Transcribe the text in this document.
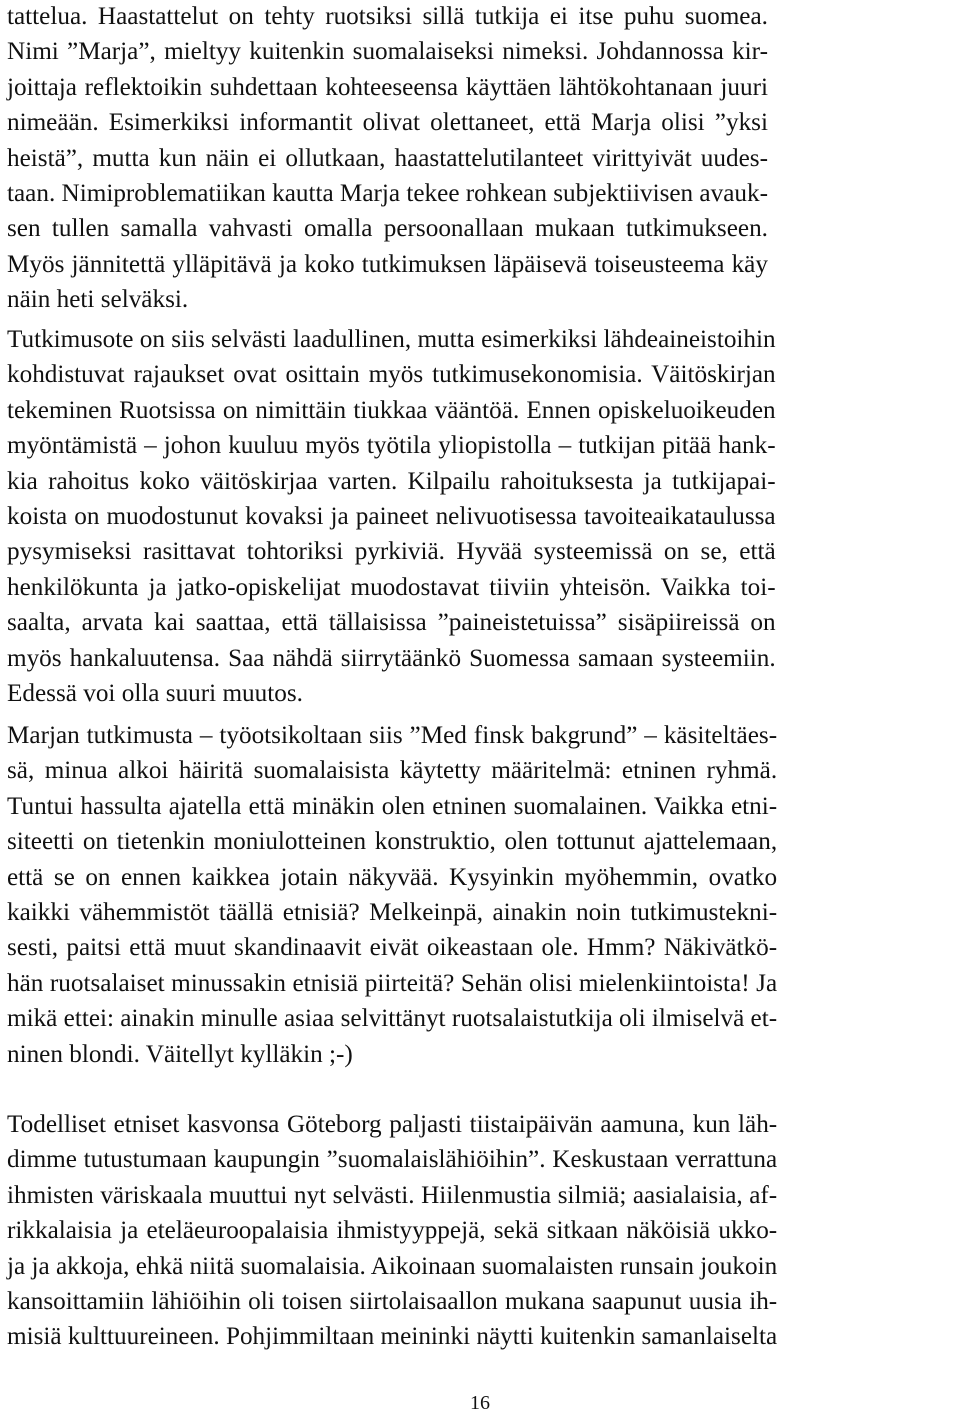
tattelua. Haastattelut on tehty ruotsiksi sillä tutkija ei itse puhu suomea.
Nimi ”Marja”, mieltyy kuitenkin suomalaiseksi nimeksi. Johdannossa kir-
joittaja reflektoikin suhdettaan kohteeseensa käyttäen lähtökohtanaan juuri
nimeään. Esimerkiksi informantit olivat olettaneet, että Marja olisi ”yksi
heistä”, mutta kun näin ei ollutkaan, haastattelutilanteet virittyivät uudes-
taan. Nimiproblematiikan kautta Marja tekee rohkean subjektiivisen avauk-
sen tullen samalla vahvasti omalla persoonallaan mukaan tutkimukseen.
Myös jännitettä ylläpitävä ja koko tutkimuksen läpäisevä toiseusteema käy
näin heti selväksi.
Tutkimusote on siis selvästi laadullinen, mutta esimerkiksi lähdeaineistoihin
kohdistuvat rajaukset ovat osittain myös tutkimusekonomisia. Väitöskirjan
tekeminen Ruotsissa on nimittäin tiukkaa vääntöä. Ennen opiskeluoikeuden
myöntämistä – johon kuuluu myös työtila yliopistolla – tutkijan pitää hank-
kia rahoitus koko väitöskirjaa varten. Kilpailu rahoituksesta ja tutkijapai-
koista on muodostunut kovaksi ja paineet nelivuotisessa tavoiteaikataulussa
pysymiseksi rasittavat tohtoriksi pyrkiviä. Hyvää systeemissä on se, että
henkilökunta ja jatko-opiskelijat muodostavat tiiviin yhteisön. Vaikka toi-
saalta, arvata kai saattaa, että tällaisissa ”paineistetuissa” sisäpiireissä on
myös hankaluutensa. Saa nähdä siirrytäänkö Suomessa samaan systeemiin.
Edessä voi olla suuri muutos.
Marjan tutkimusta – työotsikoltaan siis ”Med finsk bakgrund” – käsiteltäes-
sä, minua alkoi häiritä suomalaisista käytetty määritelmä: etninen ryhmä.
Tuntui hassulta ajatella että minäkin olen etninen suomalainen. Vaikka etni-
siteetti on tietenkin moniulotteinen konstruktio, olen tottunut ajattelemaan,
että se on ennen kaikkea jotain näkyvää. Kysyinkin myöhemmin, ovatko
kaikki vähemmistöt täällä etnisiä? Melkeinpä, ainakin noin tutkimustekni-
sesti, paitsi että muut skandinaavit eivät oikeastaan ole. Hmm? Näkivätkö-
hän ruotsalaiset minussakin etnisiä piirteitä? Sehän olisi mielenkiintoista! Ja
mikä ettei: ainakin minulle asiaa selvittänyt ruotsalaistutkija oli ilmiselvä et-
ninen blondi. Väitellyt kylläkin ;-)
Todelliset etniset kasvonsa Göteborg paljasti tiistaipäivän aamuna, kun läh-
dimme tutustumaan kaupungin ”suomalaislähiöihin”. Keskustaan verrattuna
ihmisten väriskaala muuttui nyt selvästi. Hiilenmustia silmiä; aasialaisia, af-
rikkalaisia ja eteläeuroopalaisia ihmistyyppejä, sekä sitkaan näköisiä ukko-
ja ja akkoja, ehkä niitä suomalaisia. Aikoinaan suomalaisten runsain joukoin
kansoittamiin lähiöihin oli toisen siirtolaisaallon mukana saapunut uusia ih-
misiä kulttuureineen. Pohjimmiltaan meininki näytti kuitenkin samanlaiselta
16
